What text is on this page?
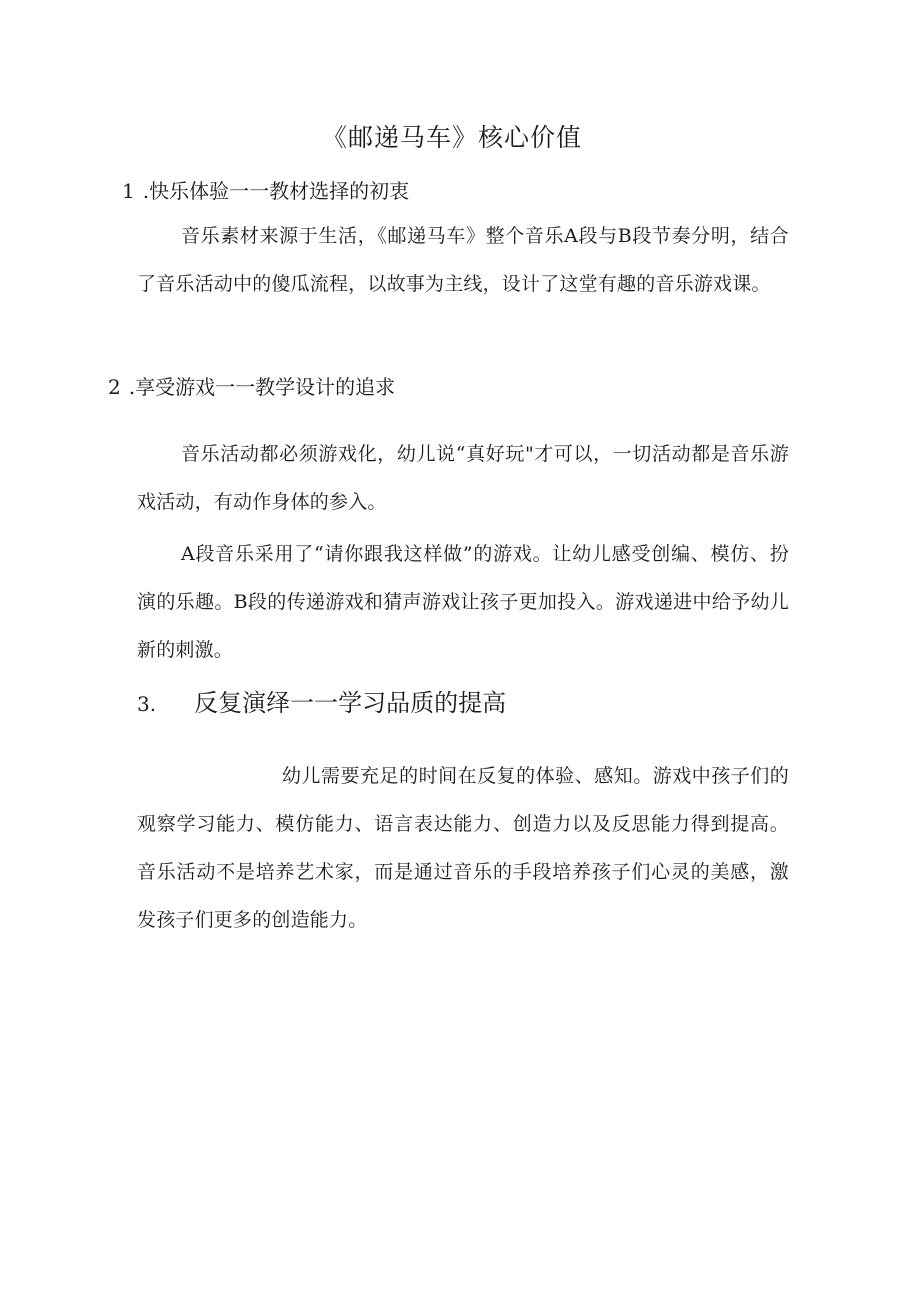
《邮递马车》核心价值
1 .快乐体验一一教材选择的初衷
音乐素材来源于生活，《邮递马车》整个音乐A段与B段节奏分明，结合了音乐活动中的傻瓜流程，以故事为主线，设计了这堂有趣的音乐游戏课。
2 .享受游戏一一教学设计的追求
音乐活动都必须游戏化，幼儿说“真好玩"才可以，一切活动都是音乐游戏活动，有动作身体的参入。
A段音乐采用了“请你跟我这样做”的游戏。让幼儿感受创编、模仿、扮演的乐趣。B段的传递游戏和猜声游戏让孩子更加投入。游戏递进中给予幼儿新的刺激。
3. 反复演绎一一学习品质的提高
幼儿需要充足的时间在反复的体验、感知。游戏中孩子们的观察学习能力、模仿能力、语言表达能力、创造力以及反思能力得到提高。音乐活动不是培养艺术家，而是通过音乐的手段培养孩子们心灵的美感，激发孩子们更多的创造能力。
